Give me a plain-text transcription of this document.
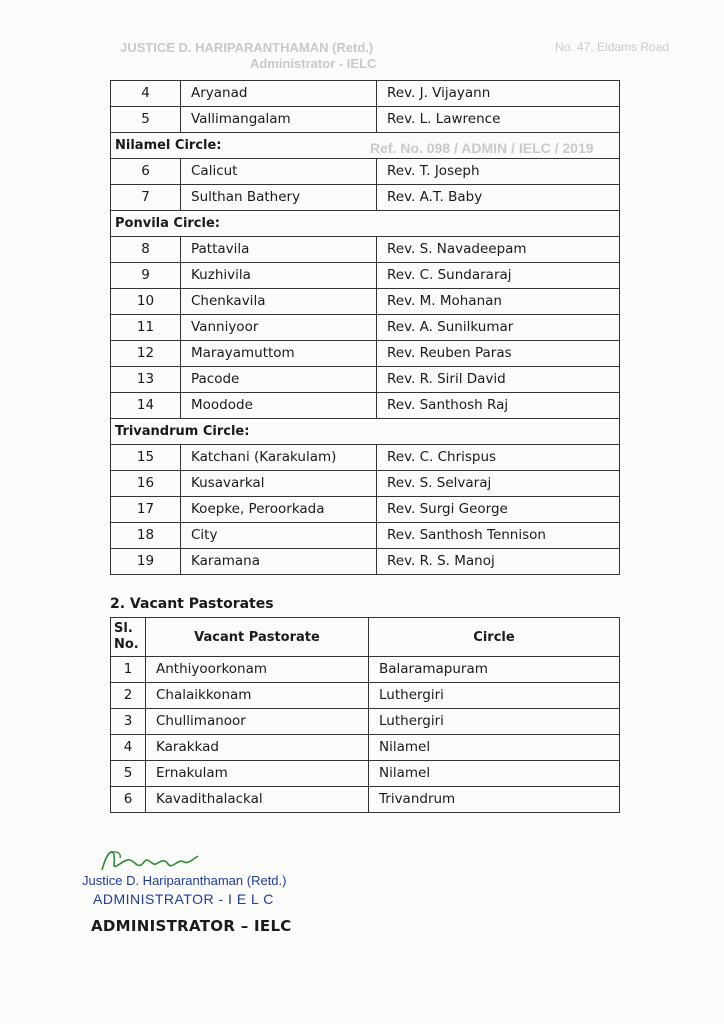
JUSTICE D. HARIPARANTHAMAN (Retd.)
Administrator - IELC
No. 47, Eldams Road
Ref. No. 098 / ADMIN / IELC / 2019
4	Aryanad	Rev. J. Vijayann
5	Vallimangalam	Rev. L. Lawrence
Nilamel Circle:		
6	Calicut	Rev. T. Joseph
7	Sulthan Bathery	Rev. A.T. Baby
Ponvila Circle:		
8	Pattavila	Rev. S. Navadeepam
9	Kuzhivila	Rev. C. Sundararaj
10	Chenkavila	Rev. M. Mohanan
11	Vanniyoor	Rev. A. Sunilkumar
12	Marayamuttom	Rev. Reuben Paras
13	Pacode	Rev. R. Siril David
14	Moodode	Rev. Santhosh Raj
Trivandrum Circle:		
15	Katchani (Karakulam)	Rev. C. Chrispus
16	Kusavarkal	Rev. S. Selvaraj
17	Koepke, Peroorkada	Rev. Surgi George
18	City	Rev. Santhosh Tennison
19	Karamana	Rev. R. S. Manoj
2. Vacant Pastorates
Sl. No.	Vacant Pastorate	Circle
1	Anthiyoorkonam	Balaramapuram
2	Chalaikkonam	Luthergiri
3	Chullimanoor	Luthergiri
4	Karakkad	Nilamel
5	Ernakulam	Nilamel
6	Kavadithalackal	Trivandrum
Justice D. Hariparanthaman (Retd.)
ADMINISTRATOR - I E L C
ADMINISTRATOR – IELC
